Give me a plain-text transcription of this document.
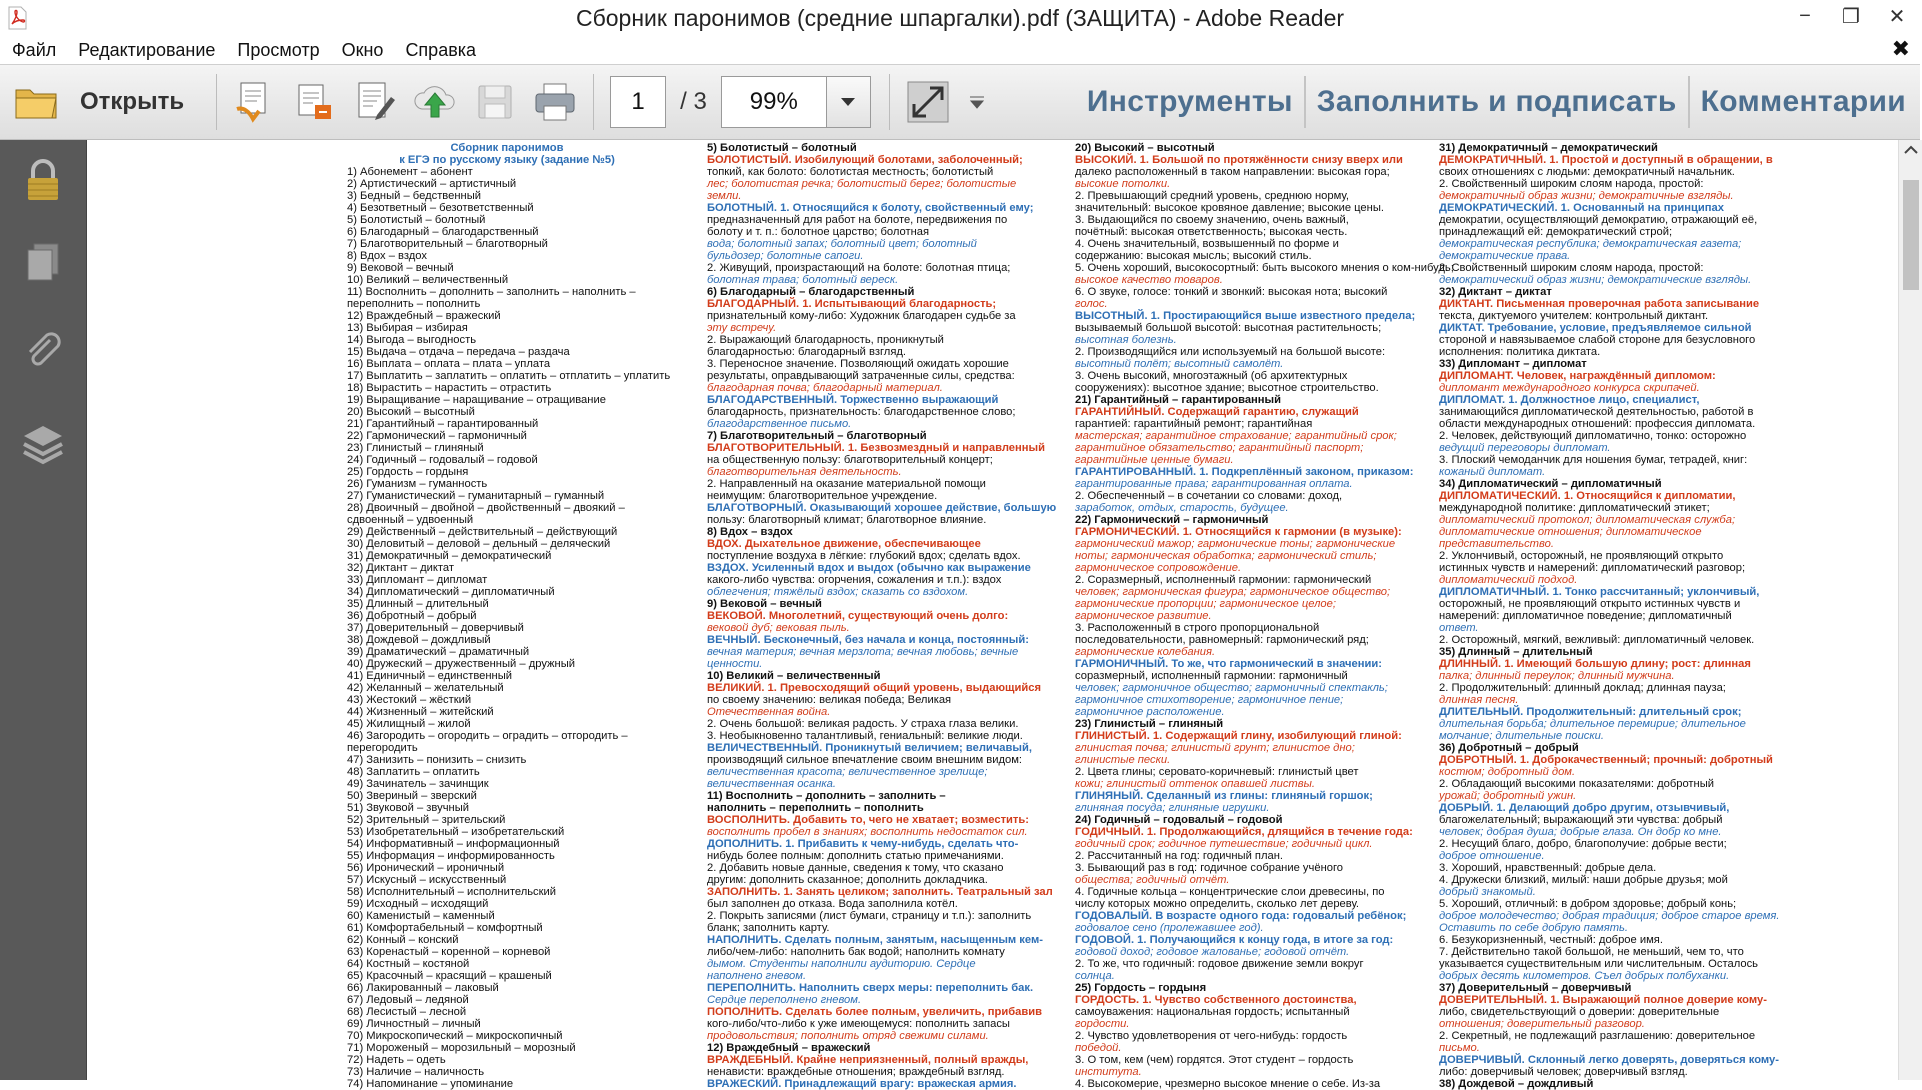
Сборник паронимов (средние шпаргалки).pdf (ЗАЩИТА) - Adobe Reader	−	❐	✕
Файл Редактирование Просмотр Окно Справка	✖
Открыть	1	/ 3	99%	Инструменты Заполнить и подписать Комментарии

Сборник паронимов

к ЕГЭ по русскому языку (задание №5)

1) Абонемент – абонент

2) Артистический – артистичный

3) Бедный – бедственный

4) Безответный – безответственный

5) Болотистый – болотный

6) Благодарный – благодарственный

7) Благотворительный – благотворный

8) Вдох – вздох

9) Вековой – вечный

10) Великий – величественный

11) Восполнить – дополнить – заполнить – наполнить –

переполнить – пополнить

12) Враждебный – вражеский

13) Выбирая – избирая

14) Выгода – выгодность

15) Выдача – отдача – передача – раздача

16) Выплата – оплата – плата – уплата

17) Выплатить – заплатить – оплатить – отплатить – уплатить

18) Вырастить – нарастить – отрастить

19) Выращивание – наращивание – отращивание

20) Высокий – высотный

21) Гарантийный – гарантированный

22) Гармонический – гармоничный

23) Глинистый – глиняный

24) Годичный – годовалый – годовой

25) Гордость – гордыня

26) Гуманизм – гуманность

27) Гуманистический – гуманитарный – гуманный

28) Двоичный – двойной – двойственный – двоякий –

сдвоенный – удвоенный

29) Действенный – действительный – действующий

30) Деловитый – деловой – дельный – деляческий

31) Демократичный – демократический

32) Диктант – диктат

33) Дипломант – дипломат

34) Дипломатический – дипломатичный

35) Длинный – длительный

36) Добротный – добрый

37) Доверительный – доверчивый

38) Дождевой – дождливый

39) Драматический – драматичный

40) Дружеский – дружественный – дружный

41) Единичный – единственный

42) Желанный – желательный

43) Жестокий – жёсткий

44) Жизненный – житейский

45) Жилищный – жилой

46) Загородить – огородить – оградить – отгородить –

перегородить

47) Занизить – понизить – снизить

48) Заплатить – оплатить

49) Зачинатель – зачинщик

50) Звериный – зверский

51) Звуковой – звучный

52) Зрительный – зрительский

53) Изобретательный – изобретательский

54) Информативный – информационный

55) Информация – информированность

56) Иронический – ироничный

57) Искусный – искусственный

58) Исполнительный – исполнительский

59) Исходный – исходящий

60) Каменистый – каменный

61) Комфортабельный – комфортный

62) Конный – конский

63) Коренастый – коренной – корневой

64) Костный – костяной

65) Красочный – красящий – крашеный

66) Лакированный – лаковый

67) Ледовый – ледяной

68) Лесистый – лесной

69) Личностный – личный

70) Микроскопический – микроскопичный

71) Мороженый – морозильный – морозный

72) Надеть – одеть

73) Наличие – наличность

74) Напоминание – упоминание

5) Болотистый – болотный

БОЛОТИСТЫЙ. Изобилующий болотами, заболоченный;

топкий, как болото: болотистая местность; болотистый

лес; болотистая речка; болотистый берег; болотистые

земли.

БОЛОТНЫЙ. 1. Относящийся к болоту, свойственный ему;

предназначенный для работ на болоте, передвижения по

болоту и т. п.: болотное царство; болотная

вода; болотный запах; болотный цвет; болотный

бульдозер; болотные сапоги.

2. Живущий, произрастающий на болоте: болотная птица;

болотная трава; болотный вереск.

6) Благодарный – благодарственный

БЛАГОДАРНЫЙ. 1. Испытывающий благодарность;

признательный кому-либо: Художник благодарен судьбе за

эту встречу.

2. Выражающий благодарность, проникнутый

благодарностью: благодарный взгляд.

3. Переносное значение. Позволяющий ожидать хорошие

результаты, оправдывающий затраченные силы, средства:

благодарная почва; благодарный материал.

БЛАГОДАРСТВЕННЫЙ. Торжественно выражающий

благодарность, признательность: благодарственное слово;

благодарственное письмо.

7) Благотворительный – благотворный

БЛАГОТВОРИТЕЛЬНЫЙ. 1. Безвозмездный и направленный

на общественную пользу: благотворительный концерт;

благотворительная деятельность.

2. Направленный на оказание материальной помощи

неимущим: благотворительное учреждение.

БЛАГОТВОРНЫЙ. Оказывающий хорошее действие, большую

пользу: благотворный климат; благотворное влияние.

8) Вдох – вздох

ВДОХ. Дыхательное движение, обеспечивающее

поступление воздуха в лёгкие: глубокий вдох; сделать вдох.

ВЗДОХ. Усиленный вдох и выдох (обычно как выражение

какого-либо чувства: огорчения, сожаления и т.п.): вздох

облегчения; тяжёлый вздох; сказать со вздохом.

9) Вековой – вечный

ВЕКОВОЙ. Многолетний, существующий очень долго:

вековой дуб; вековая пыль.

ВЕЧНЫЙ. Бесконечный, без начала и конца, постоянный:

вечная материя; вечная мерзлота; вечная любовь; вечные

ценности.

10) Великий – величественный

ВЕЛИКИЙ. 1. Превосходящий общий уровень, выдающийся

по своему значению: великая победа; Великая

Отечественная война.

2. Очень большой: великая радость. У страха глаза велики.

3. Необыкновенно талантливый, гениальный: великие люди.

ВЕЛИЧЕСТВЕННЫЙ. Проникнутый величием; величавый,

производящий сильное впечатление своим внешним видом:

величественная красота; величественное зрелище;

величественная осанка.

11) Восполнить – дополнить – заполнить –

наполнить – переполнить – пополнить

ВОСПОЛНИТЬ. Добавить то, чего не хватает; возместить:

восполнить пробел в знаниях; восполнить недостаток сил.

ДОПОЛНИТЬ. 1. Прибавить к чему-нибудь, сделать что-

нибудь более полным: дополнить статью примечаниями.

2. Добавить новые данные, сведения к тому, что сказано

другим: дополнить сказанное; дополнить докладчика.

ЗАПОЛНИТЬ. 1. Занять целиком; заполнить. Театральный зал

был заполнен до отказа. Вода заполнила котёл.

2. Покрыть записями (лист бумаги, страницу и т.п.): заполнить

бланк; заполнить карту.

НАПОЛНИТЬ. Сделать полным, занятым, насыщенным кем-

либо/чем-либо: наполнить бак водой; наполнить комнату

дымом. Студенты наполнили аудиторию. Сердце

наполнено гневом.

ПЕРЕПОЛНИТЬ. Наполнить сверх меры: переполнить бак.

Сердце переполнено гневом.

ПОПОЛНИТЬ. Сделать более полным, увеличить, прибавив

кого-либо/что-либо к уже имеющемуся: пополнить запасы

продовольствия; пополнить отряд свежими силами.

12) Враждебный – вражеский

ВРАЖДЕБНЫЙ. Крайне неприязненный, полный вражды,

ненависти: враждебные отношения; враждебный взгляд.

ВРАЖЕСКИЙ. Принадлежащий врагу: вражеская армия.

20) Высокий – высотный

ВЫСОКИЙ. 1. Большой по протяжённости снизу вверх или

далеко расположенный в таком направлении: высокая гора;

высокие потолки.

2. Превышающий средний уровень, среднюю норму,

значительный: высокое кровяное давление; высокие цены.

3. Выдающийся по своему значению, очень важный,

почётный: высокая ответственность; высокая честь.

4. Очень значительный, возвышенный по форме и

содержанию: высокая мысль; высокий стиль.

5. Очень хороший, высокосортный: быть высокого мнения о ком-нибудь;

высокое качество товаров.

6. О звуке, голосе: тонкий и звонкий: высокая нота; высокий

голос.

ВЫСОТНЫЙ. 1. Простирающийся выше известного предела;

вызываемый большой высотой: высотная растительность;

высотная болезнь.

2. Производящийся или используемый на большой высоте:

высотный полёт; высотный самолёт.

3. Очень высокий, многоэтажный (об архитектурных

сооружениях): высотное здание; высотное строительство.

21) Гарантийный – гарантированный

ГАРАНТИЙНЫЙ. Содержащий гарантию, служащий

гарантией: гарантийный ремонт; гарантийная

мастерская; гарантийное страхование; гарантийный срок;

гарантийное обязательство; гарантийный паспорт;

гарантийные ценные бумаги.

ГАРАНТИРОВАННЫЙ. 1. Подкреплённый законом, приказом:

гарантированные права; гарантированная оплата.

2. Обеспеченный – в сочетании со словами: доход,

заработок, отдых, старость, будущее.

22) Гармонический – гармоничный

ГАРМОНИЧЕСКИЙ. 1. Относящийся к гармонии (в музыке):

гармонический мажор; гармонические тоны; гармонические

ноты; гармоническая обработка; гармонический стиль;

гармоническое сопровождение.

2. Соразмерный, исполненный гармонии: гармонический

человек; гармоническая фигура; гармоническое общество;

гармонические пропорции; гармоническое целое;

гармоническое развитие.

3. Расположенный в строго пропорциональной

последовательности, равномерный: гармонический ряд;

гармонические колебания.

ГАРМОНИЧНЫЙ. То же, что гармонический в значении:

соразмерный, исполненный гармонии: гармоничный

человек; гармоничное общество; гармоничный спектакль;

гармоничное стихотворение; гармоничное пение;

гармоничное расположение.

23) Глинистый – глиняный

ГЛИНИСТЫЙ. 1. Содержащий глину, изобилующий глиной:

глинистая почва; глинистый грунт; глинистое дно;

глинистые пески.

2. Цвета глины; серовато-коричневый: глинистый цвет

кожи; глинистый оттенок опавшей листвы.

ГЛИНЯНЫЙ. Сделанный из глины: глиняный горшок;

глиняная посуда; глиняные игрушки.

24) Годичный – годовалый – годовой

ГОДИЧНЫЙ. 1. Продолжающийся, длящийся в течение года:

годичный срок; годичное путешествие; годичный цикл.

2. Рассчитанный на год: годичный план.

3. Бывающий раз в год: годичное собрание учёного

общества; годичный отчёт.

4. Годичные кольца – концентрические слои древесины, по

числу которых можно определить, сколько лет дереву.

ГОДОВАЛЫЙ. В возрасте одного года: годовалый ребёнок;

годовалое сено (пролежавшее год).

ГОДОВОЙ. 1. Получающийся к концу года, в итоге за год:

годовой доход; годовое жалованье; годовой отчёт.

2. То же, что годичный: годовое движение земли вокруг

солнца.

25) Гордость – гордыня

ГОРДОСТЬ. 1. Чувство собственного достоинства,

самоуважения: национальная гордость; испытанный

гордости.

2. Чувство удовлетворения от чего-нибудь: гордость

победой.

3. О том, кем (чем) гордятся. Этот студент – гордость

института.

4. Высокомерие, чрезмерно высокое мнение о себе. Из-за

31) Демократичный – демократический

ДЕМОКРАТИЧНЫЙ. 1. Простой и доступный в обращении, в

своих отношениях с людьми: демократичный начальник.

2. Свойственный широким слоям народа, простой:

демократичный образ жизни; демократичные взгляды.

ДЕМОКРАТИЧЕСКИЙ. 1. Основанный на принципах

демократии, осуществляющий демократию, отражающий её,

принадлежащий ей: демократический строй;

демократическая республика; демократическая газета;

демократические права.

2. Свойственный широким слоям народа, простой:

демократический образ жизни; демократические взгляды.

32) Диктант – диктат

ДИКТАНТ. Письменная проверочная работа записывание

текста, диктуемого учителем: контрольный диктант.

ДИКТАТ. Требование, условие, предъявляемое сильной

стороной и навязываемое слабой стороне для безусловного

исполнения: политика диктата.

33) Дипломант – дипломат

ДИПЛОМАНТ. Человек, награждённый дипломом:

дипломант международного конкурса скрипачей.

ДИПЛОМАТ. 1. Должностное лицо, специалист,

занимающийся дипломатической деятельностью, работой в

области международных отношений: профессия дипломата.

2. Человек, действующий дипломатично, тонко: осторожно

ведущий переговоры дипломат.

3. Плоский чемоданчик для ношения бумаг, тетрадей, книг:

кожаный дипломат.

34) Дипломатический – дипломатичный

ДИПЛОМАТИЧЕСКИЙ. 1. Относящийся к дипломатии,

международной политике: дипломатический этикет;

дипломатический протокол; дипломатическая служба;

дипломатические отношения; дипломатическое

представительство.

2. Уклончивый, осторожный, не проявляющий открыто

истинных чувств и намерений: дипломатический разговор;

дипломатический подход.

ДИПЛОМАТИЧНЫЙ. 1. Тонко рассчитанный; уклончивый,

осторожный, не проявляющий открыто истинных чувств и

намерений: дипломатичное поведение; дипломатичный

ответ.

2. Осторожный, мягкий, вежливый: дипломатичный человек.

35) Длинный – длительный

ДЛИННЫЙ. 1. Имеющий большую длину; рост: длинная

палка; длинный переулок; длинный мужчина.

2. Продолжительный: длинный доклад; длинная пауза;

длинная песня.

ДЛИТЕЛЬНЫЙ. Продолжительный: длительный срок;

длительная борьба; длительное перемирие; длительное

молчание; длительные поиски.

36) Добротный – добрый

ДОБРОТНЫЙ. 1. Доброкачественный; прочный: добротный

костюм; добротный дом.

2. Обладающий высокими показателями: добротный

урожай; добротный ужин.

ДОБРЫЙ. 1. Делающий добро другим, отзывчивый,

благожелательный; выражающий эти чувства: добрый

человек; добрая душа; добрые глаза. Он добр ко мне.

2. Несущий благо, добро, благополучие: добрые вести;

доброе отношение.

3. Хороший, нравственный: добрые дела.

4. Дружески близкий, милый: наши добрые друзья; мой

добрый знакомый.

5. Хороший, отличный: в добром здоровье; добрый конь;

доброе молодечество; добрая традиция; доброе старое время.

Оставить по себе добрую память.

6. Безукоризненный, честный: доброе имя.

7. Действительно такой большой, не меньший, чем то, что

указывается существительным или числительным. Осталось

добрых десять километров. Съел добрых полбуханки.

37) Доверительный – доверчивый

ДОВЕРИТЕЛЬНЫЙ. 1. Выражающий полное доверие кому-

либо, свидетельствующий о доверии: доверительные

отношения; доверительный разговор.

2. Секретный, не подлежащий разглашению: доверительное

письмо.

ДОВЕРЧИВЫЙ. Склонный легко доверять, доверяться кому-

либо: доверчивый человек; доверчивый взгляд.

38) Дождевой – дождливый
